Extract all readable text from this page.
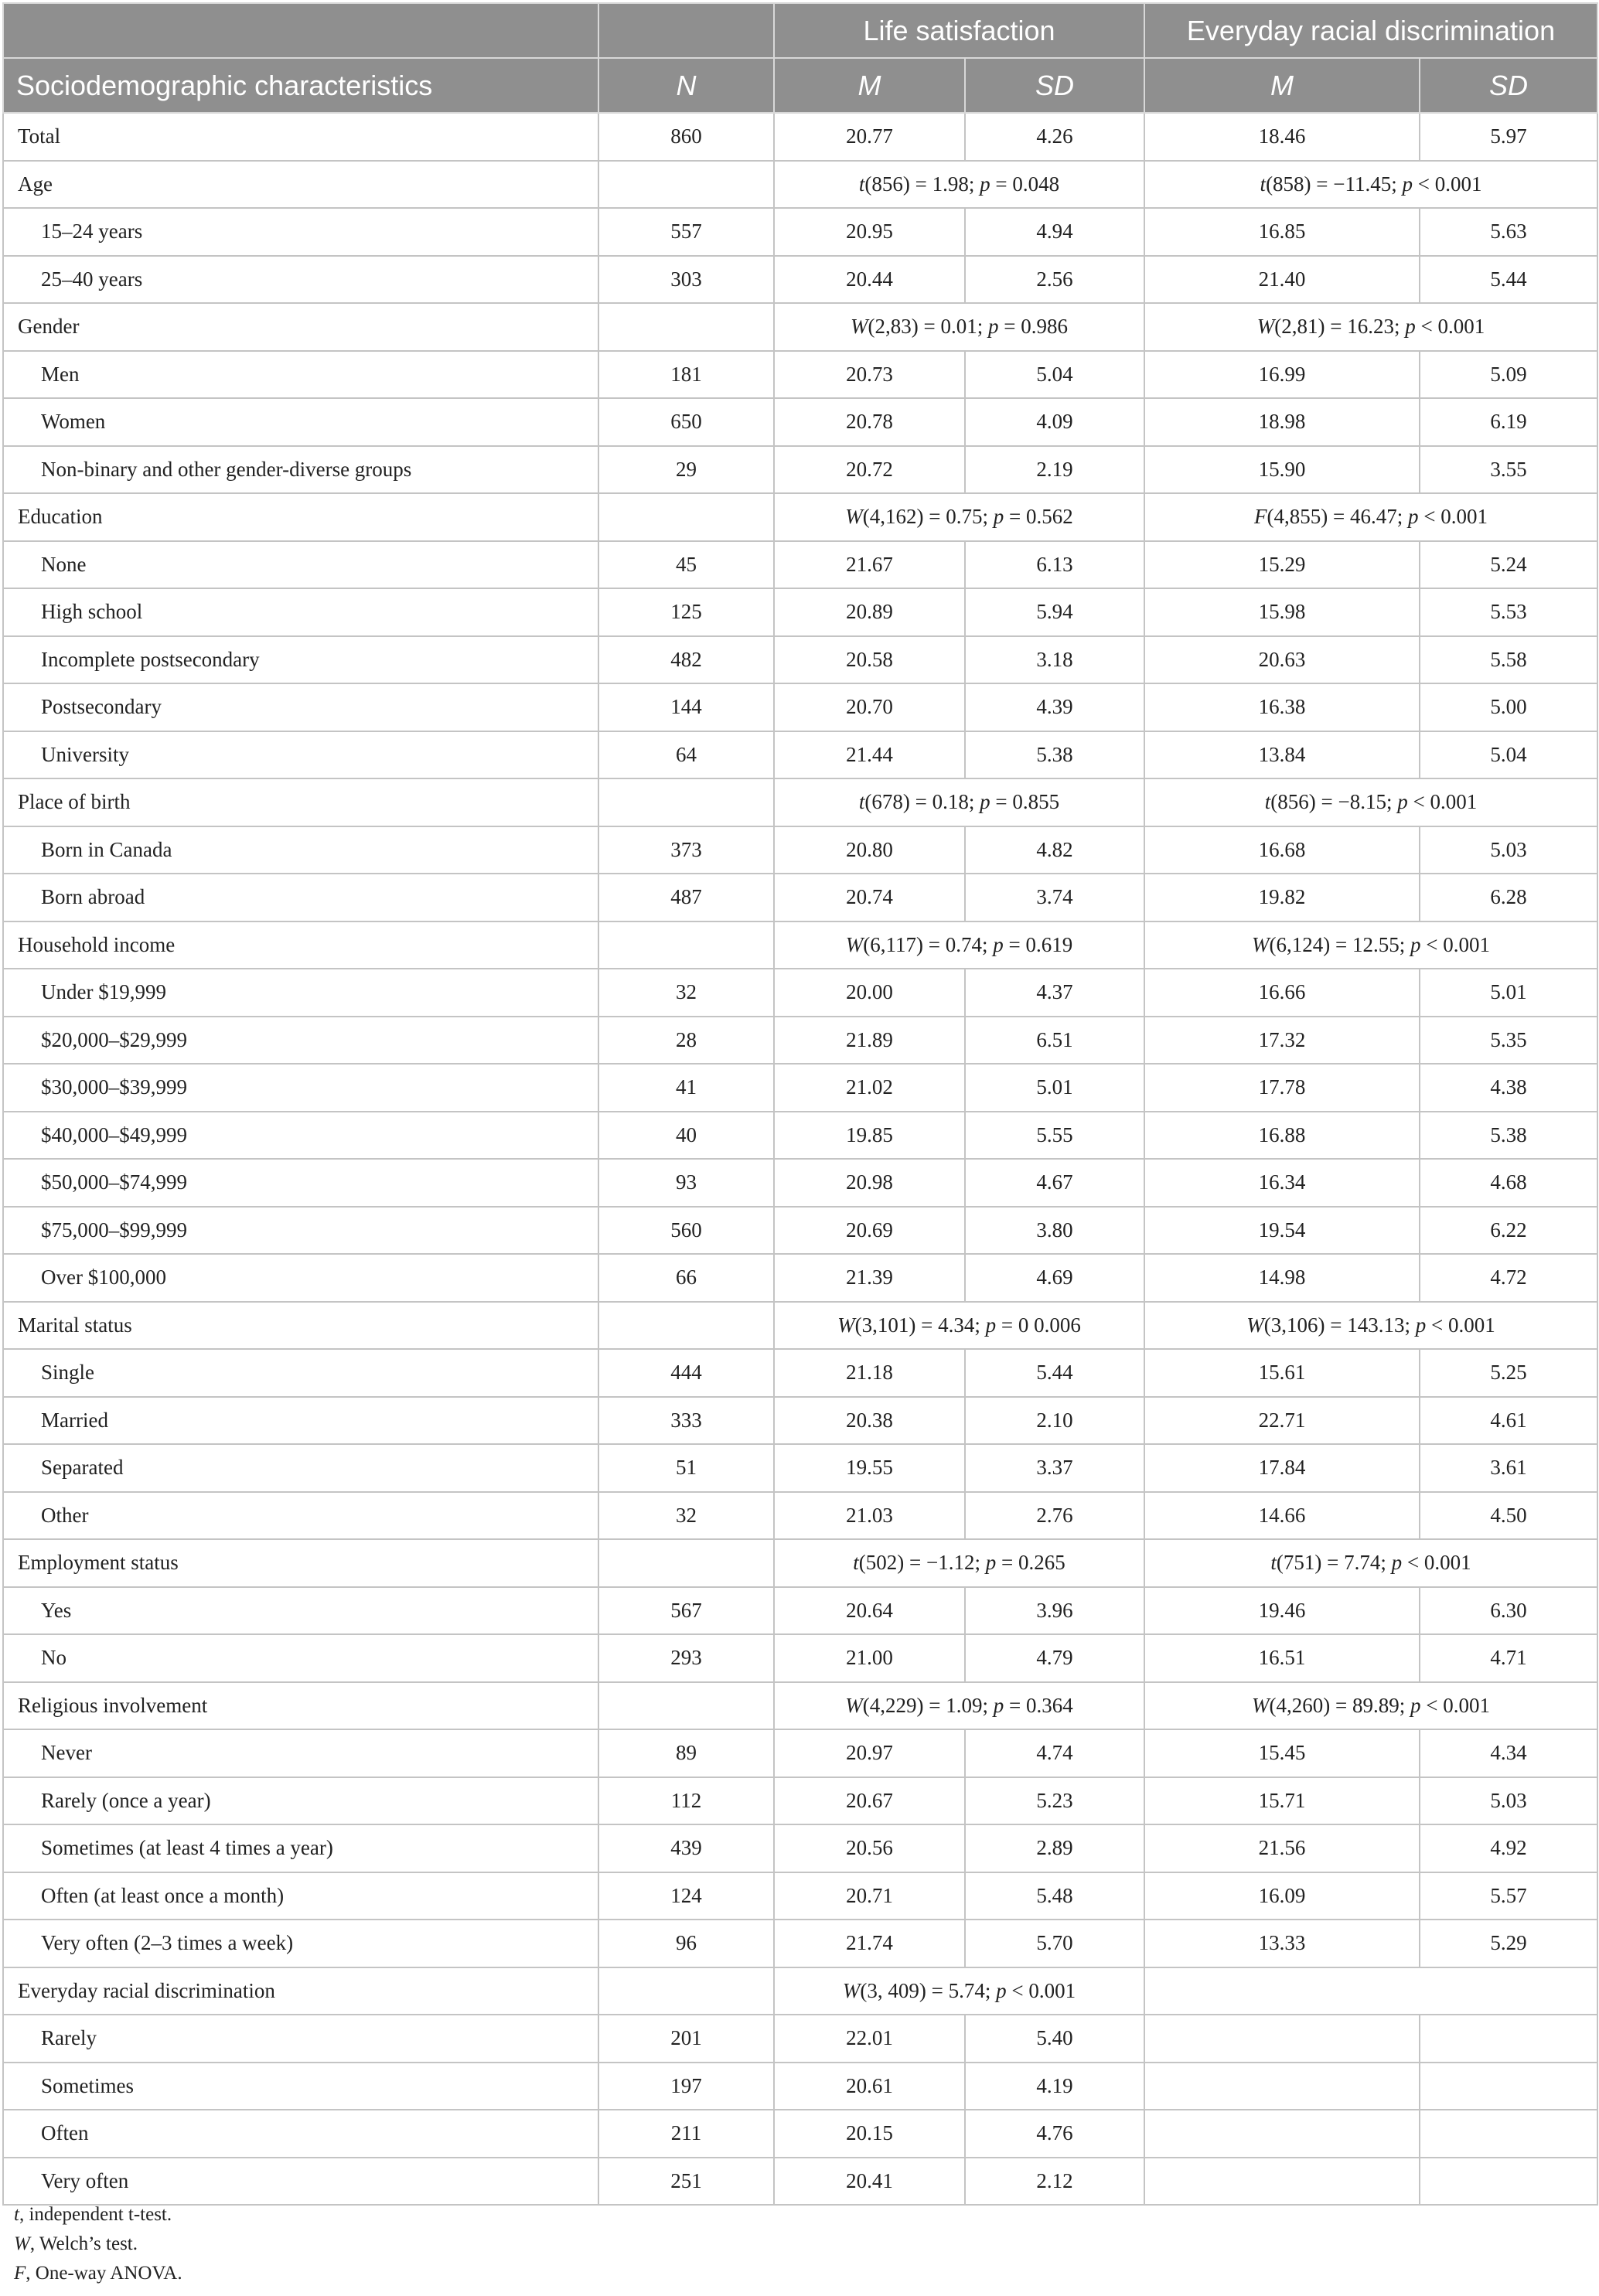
		Life satisfaction		Everyday racial discrimination	
Sociodemographic characteristics	N	M	SD	M	SD
Total	860	20.77	4.26	18.46	5.97
Age		t(856) = 1.98; p = 0.048		t(858) = −11.45; p < 0.001	
15–24 years	557	20.95	4.94	16.85	5.63
25–40 years	303	20.44	2.56	21.40	5.44
Gender		W(2,83) = 0.01; p = 0.986		W(2,81) = 16.23; p < 0.001	
Men	181	20.73	5.04	16.99	5.09
Women	650	20.78	4.09	18.98	6.19
Non-binary and other gender-diverse groups	29	20.72	2.19	15.90	3.55
Education		W(4,162) = 0.75; p = 0.562		F(4,855) = 46.47; p < 0.001	
None	45	21.67	6.13	15.29	5.24
High school	125	20.89	5.94	15.98	5.53
Incomplete postsecondary	482	20.58	3.18	20.63	5.58
Postsecondary	144	20.70	4.39	16.38	5.00
University	64	21.44	5.38	13.84	5.04
Place of birth		t(678) = 0.18; p = 0.855		t(856) = −8.15; p < 0.001	
Born in Canada	373	20.80	4.82	16.68	5.03
Born abroad	487	20.74	3.74	19.82	6.28
Household income		W(6,117) = 0.74; p = 0.619		W(6,124) = 12.55; p < 0.001	
Under $19,999	32	20.00	4.37	16.66	5.01
$20,000–$29,999	28	21.89	6.51	17.32	5.35
$30,000–$39,999	41	21.02	5.01	17.78	4.38
$40,000–$49,999	40	19.85	5.55	16.88	5.38
$50,000–$74,999	93	20.98	4.67	16.34	4.68
$75,000–$99,999	560	20.69	3.80	19.54	6.22
Over $100,000	66	21.39	4.69	14.98	4.72
Marital status		W(3,101) = 4.34; p = 0 0.006		W(3,106) = 143.13; p < 0.001	
Single	444	21.18	5.44	15.61	5.25
Married	333	20.38	2.10	22.71	4.61
Separated	51	19.55	3.37	17.84	3.61
Other	32	21.03	2.76	14.66	4.50
Employment status		t(502) = −1.12; p = 0.265		t(751) = 7.74; p < 0.001	
Yes	567	20.64	3.96	19.46	6.30
No	293	21.00	4.79	16.51	4.71
Religious involvement		W(4,229) = 1.09; p = 0.364		W(4,260) = 89.89; p < 0.001	
Never	89	20.97	4.74	15.45	4.34
Rarely (once a year)	112	20.67	5.23	15.71	5.03
Sometimes (at least 4 times a year)	439	20.56	2.89	21.56	4.92
Often (at least once a month)	124	20.71	5.48	16.09	5.57
Very often (2–3 times a week)	96	21.74	5.70	13.33	5.29
Everyday racial discrimination		W(3, 409) = 5.74; p < 0.001			
Rarely	201	22.01	5.40		
Sometimes	197	20.61	4.19		
Often	211	20.15	4.76		
Very often	251	20.41	2.12		
t, independent t-test.
W, Welch’s test.
F, One-way ANOVA.
